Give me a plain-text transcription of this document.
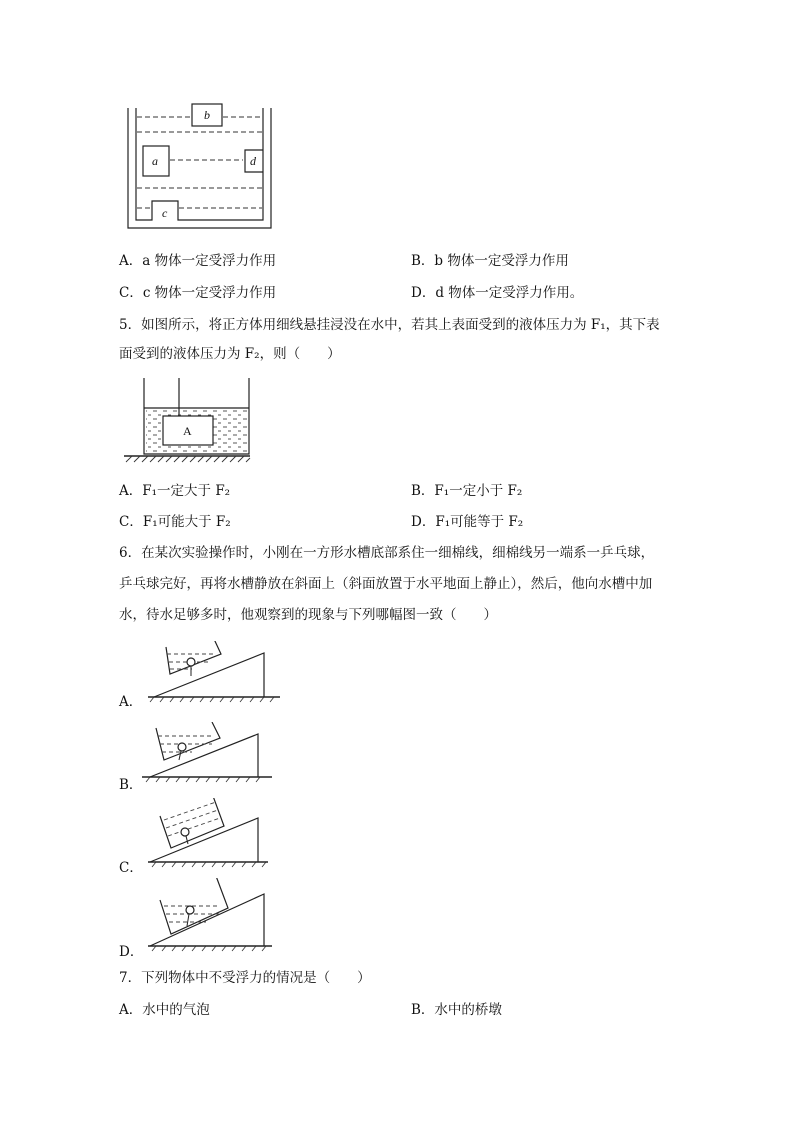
b
a	d
c
A．a 物体一定受浮力作用	B．b 物体一定受浮力作用
C．c 物体一定受浮力作用	D．d 物体一定受浮力作用。
5．如图所示，将正方体用细线悬挂浸没在水中，若其上表面受到的液体压力为 F₁，其下表
面受到的液体压力为 F₂，则（　　）
A
A．F₁一定大于 F₂	B．F₁一定小于 F₂
C．F₁可能大于 F₂	D．F₁可能等于 F₂
6．在某次实验操作时，小刚在一方形水槽底部系住一细棉线，细棉线另一端系一乒乓球，
乒乓球完好，再将水槽静放在斜面上（斜面放置于水平地面上静止），然后，他向水槽中加
水，待水足够多时，他观察到的现象与下列哪幅图一致（　　）
A．
B．
C．
D．
7．下列物体中不受浮力的情况是（　　）
A．水中的气泡	B．水中的桥墩
